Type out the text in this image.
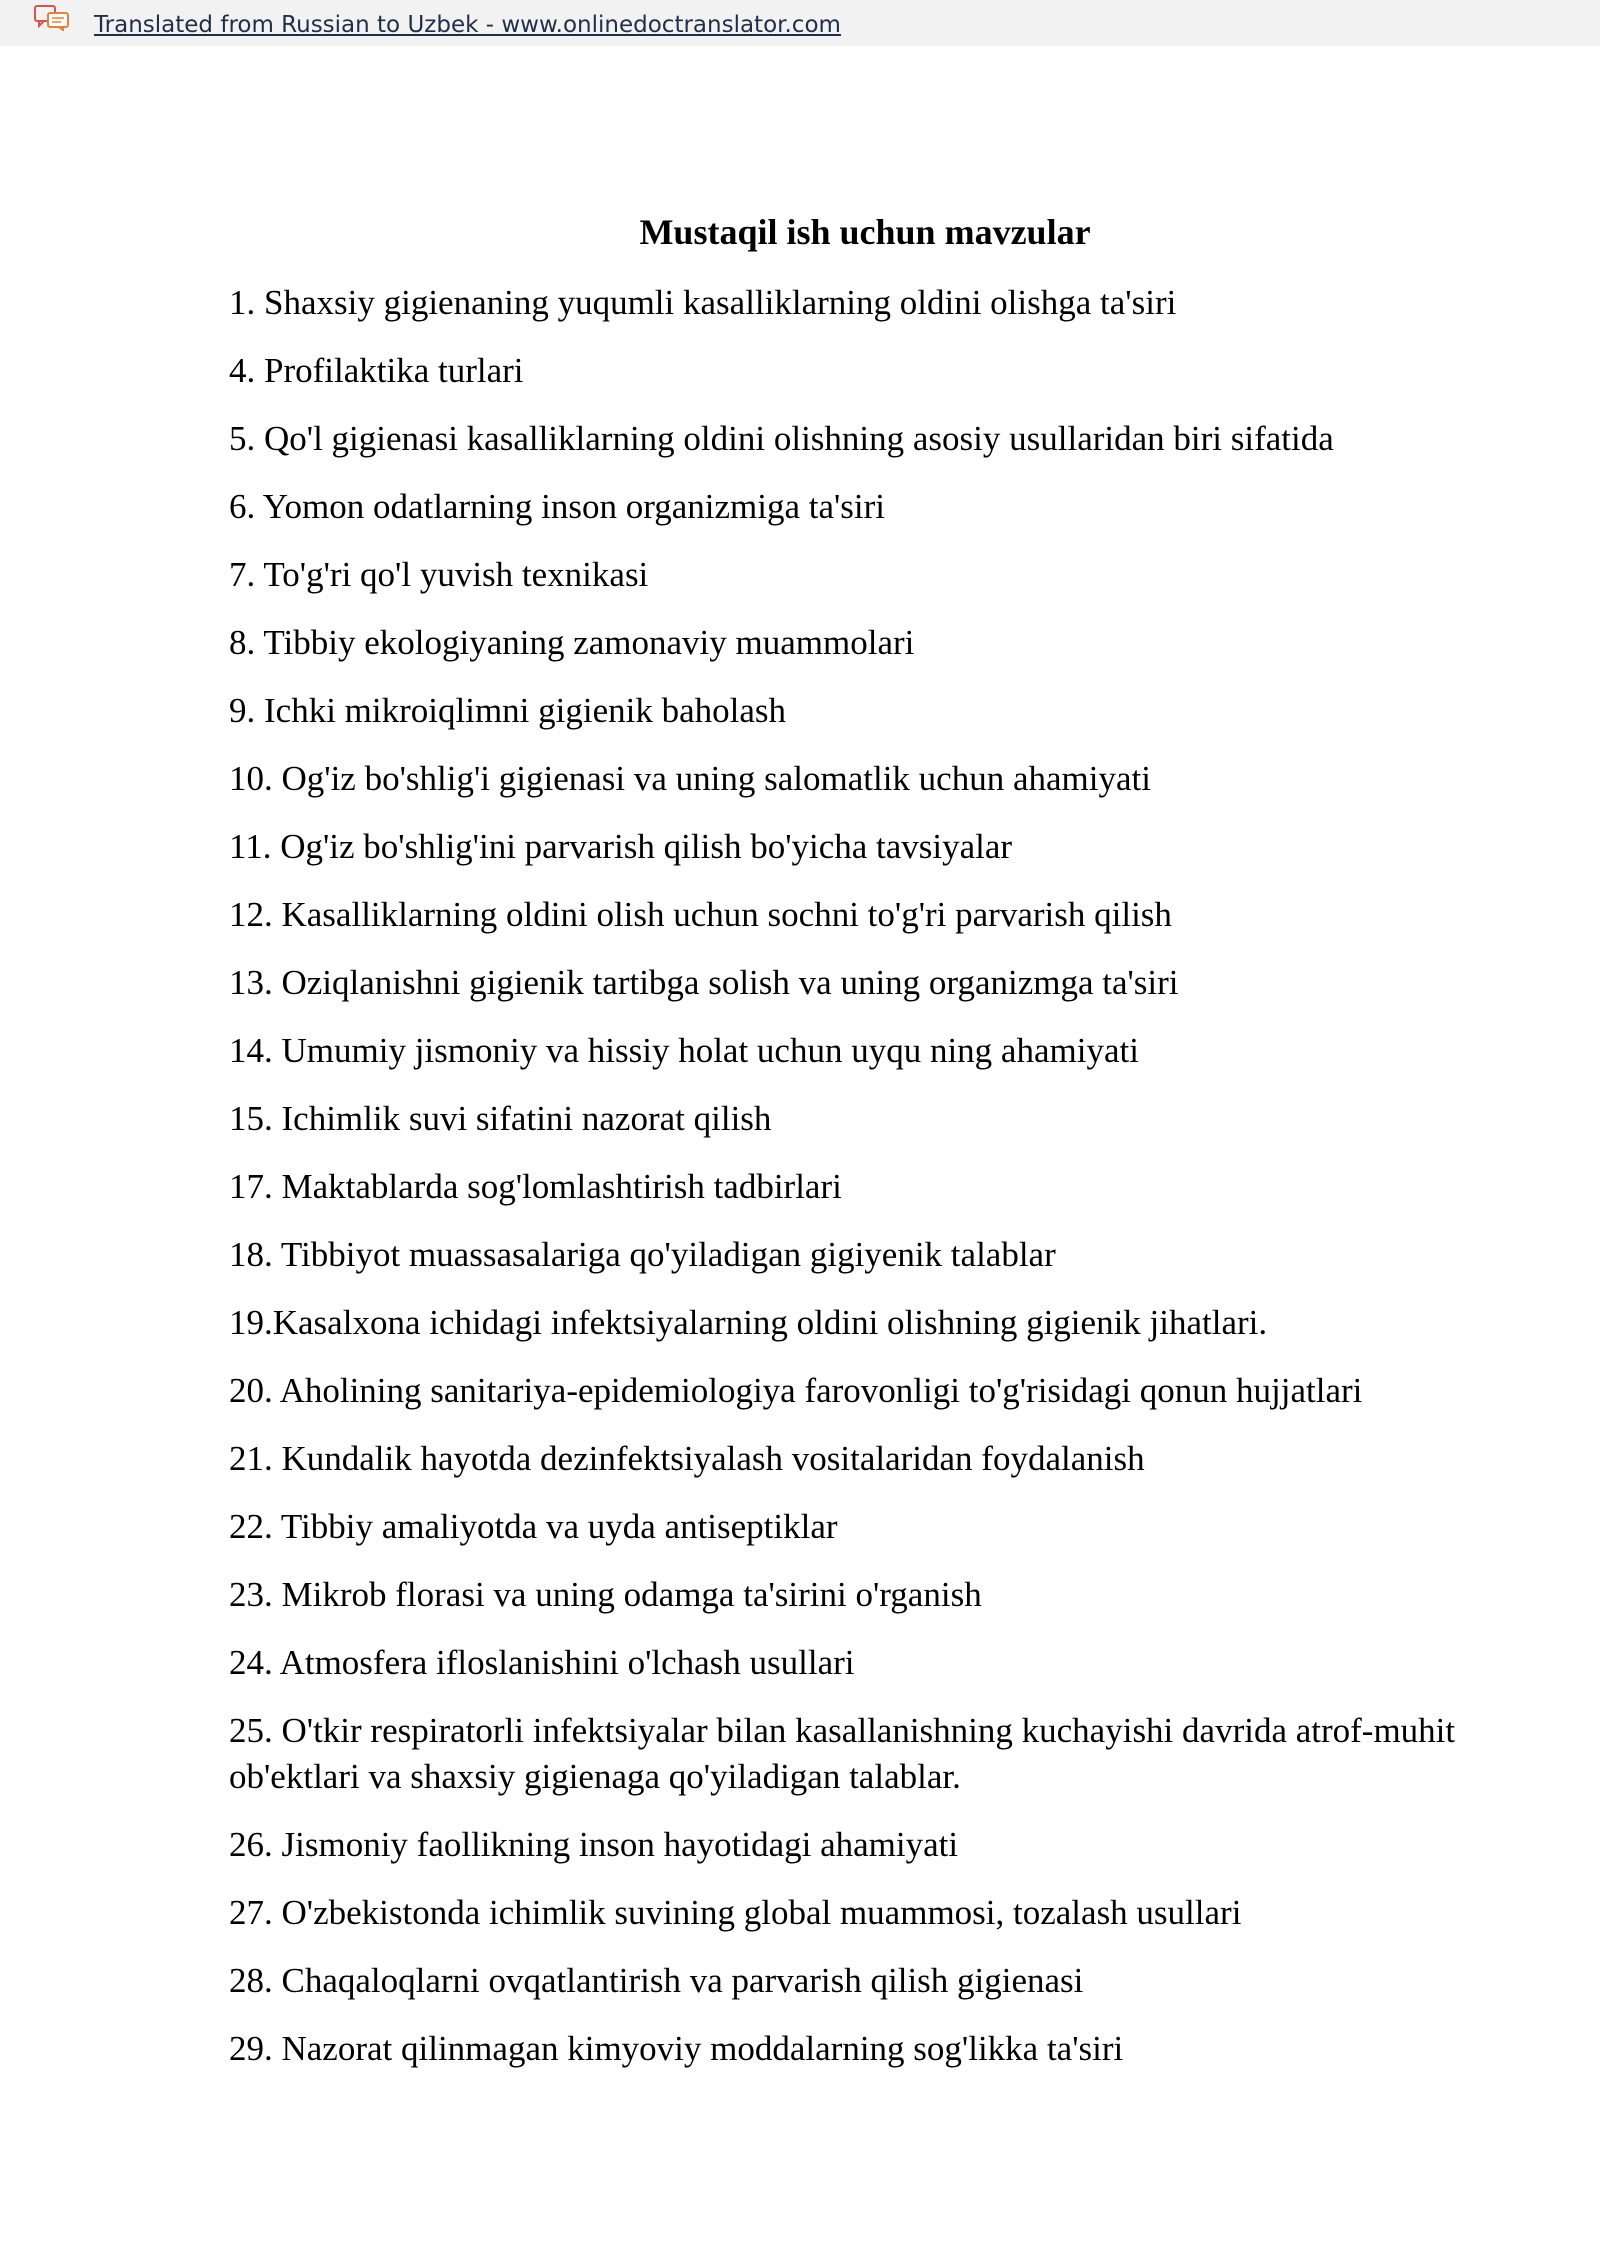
Translated from Russian to Uzbek - www.onlinedoctranslator.com
Mustaqil ish uchun mavzular
1. Shaxsiy gigienaning yuqumli kasalliklarning oldini olishga ta'siri
4. Profilaktika turlari
5. Qo'l gigienasi kasalliklarning oldini olishning asosiy usullaridan biri sifatida
6. Yomon odatlarning inson organizmiga ta'siri
7. To'g'ri qo'l yuvish texnikasi
8. Tibbiy ekologiyaning zamonaviy muammolari
9. Ichki mikroiqlimni gigienik baholash
10. Og'iz bo'shlig'i gigienasi va uning salomatlik uchun ahamiyati
11. Og'iz bo'shlig'ini parvarish qilish bo'yicha tavsiyalar
12. Kasalliklarning oldini olish uchun sochni to'g'ri parvarish qilish
13. Oziqlanishni gigienik tartibga solish va uning organizmga ta'siri
14. Umumiy jismoniy va hissiy holat uchun uyqu ning ahamiyati
15. Ichimlik suvi sifatini nazorat qilish
17. Maktablarda sog'lomlashtirish tadbirlari
18. Tibbiyot muassasalariga qo'yiladigan gigiyenik talablar
19.Kasalxona ichidagi infektsiyalarning oldini olishning gigienik jihatlari.
20. Aholining sanitariya-epidemiologiya farovonligi to'g'risidagi qonun hujjatlari
21. Kundalik hayotda dezinfektsiyalash vositalaridan foydalanish
22. Tibbiy amaliyotda va uyda antiseptiklar
23. Mikrob florasi va uning odamga ta'sirini o'rganish
24. Atmosfera ifloslanishini o'lchash usullari
25. O'tkir respiratorli infektsiyalar bilan kasallanishning kuchayishi davrida atrof-muhit ob'ektlari va shaxsiy gigienaga qo'yiladigan talablar.
26. Jismoniy faollikning inson hayotidagi ahamiyati
27. O'zbekistonda ichimlik suvining global muammosi, tozalash usullari
28. Chaqaloqlarni ovqatlantirish va parvarish qilish gigienasi
29. Nazorat qilinmagan kimyoviy moddalarning sog'likka ta'siri
